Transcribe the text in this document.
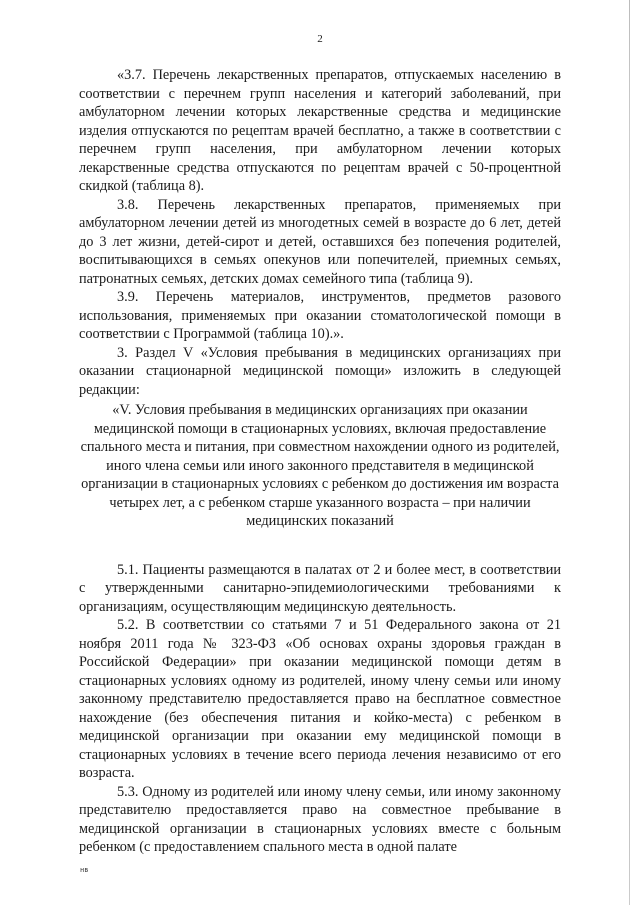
2

«3.7. Перечень лекарственных препаратов, отпускаемых населению в соответствии с перечнем групп населения и категорий заболеваний, при амбулаторном лечении которых лекарственные средства и медицинские изделия отпускаются по рецептам врачей бесплатно, а также в соответствии с перечнем групп населения, при амбулаторном лечении которых лекарственные средства отпускаются по рецептам врачей с 50-процентной скидкой (таблица 8).

3.8. Перечень лекарственных препаратов, применяемых при амбулаторном лечении детей из многодетных семей в возрасте до 6 лет, детей до 3 лет жизни, детей-сирот и детей, оставшихся без попечения родителей, воспитывающихся в семьях опекунов или попечителей, приемных семьях, патронатных семьях, детских домах семейного типа (таблица 9).

3.9. Перечень материалов, инструментов, предметов разового использования, применяемых при оказании стоматологической помощи в соответствии с Программой (таблица 10).».

3. Раздел V «Условия пребывания в медицинских организациях при оказании стационарной медицинской помощи» изложить в следующей редакции:

«V. Условия пребывания в медицинских организациях при оказании медицинской помощи в стационарных условиях, включая предоставление спального места и питания, при совместном нахождении одного из родителей, иного члена семьи или иного законного представителя в медицинской организации в стационарных условиях с ребенком до достижения им возраста четырех лет, а с ребенком старше указанного возраста – при наличии медицинских показаний

5.1. Пациенты размещаются в палатах от 2 и более мест, в соответствии с утвержденными санитарно-эпидемиологическими требованиями к организациям, осуществляющим медицинскую деятельность.

5.2. В соответствии со статьями 7 и 51 Федерального закона от 21 ноября 2011 года № 323-ФЗ «Об основах охраны здоровья граждан в Российской Федерации» при оказании медицинской помощи детям в стационарных условиях одному из родителей, иному члену семьи или иному законному представителю предоставляется право на бесплатное совместное нахождение (без обеспечения питания и койко-места) с ребенком в медицинской организации при оказании ему медицинской помощи в стационарных условиях в течение всего периода лечения независимо от его возраста.

5.3. Одному из родителей или иному члену семьи, или иному законному представителю предоставляется право на совместное пребывание в медицинской организации в стационарных условиях вместе с больным ребенком (с предоставлением спального места в одной палате

нв
